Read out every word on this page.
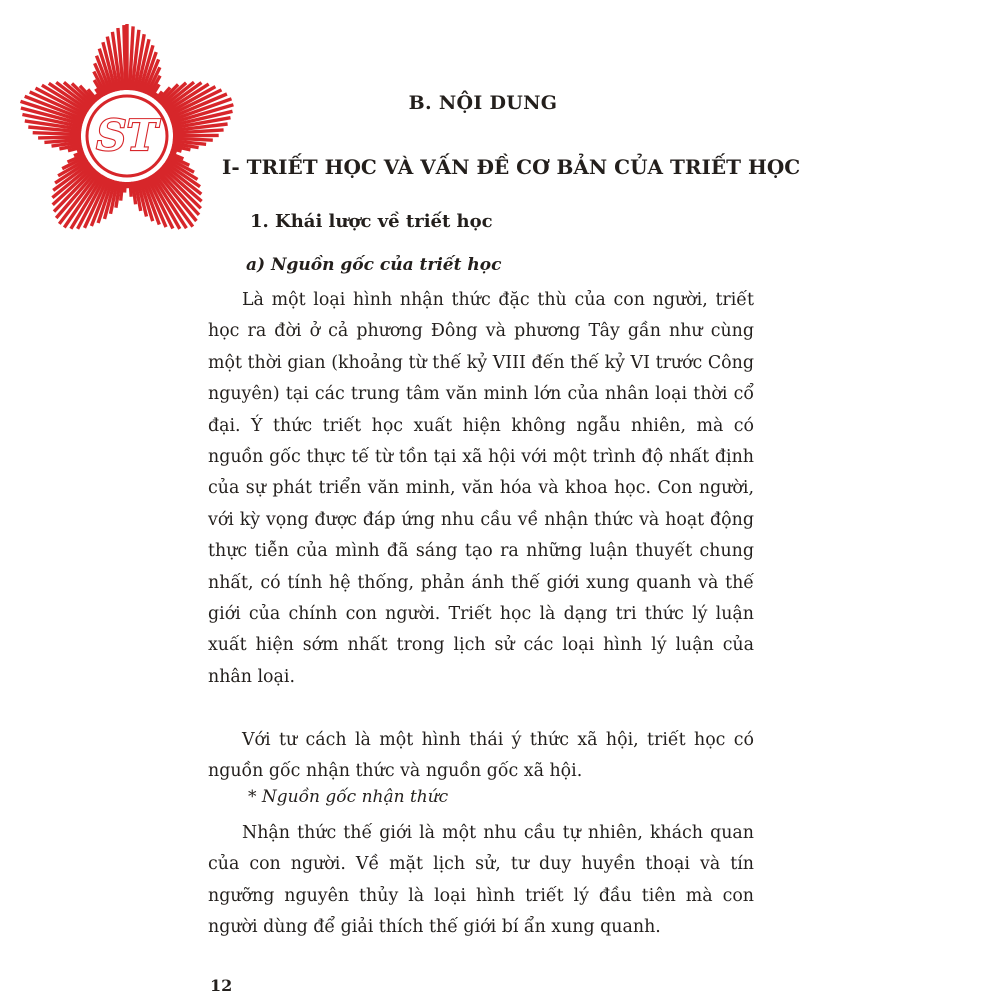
ST
B. NỘI DUNG
I- TRIẾT HỌC VÀ VẤN ĐỀ CƠ BẢN CỦA TRIẾT HỌC
1. Khái lược về triết học
a) Nguồn gốc của triết học

Là một loại hình nhận thức đặc thù của con người, triết học ra đời ở cả phương Đông và phương Tây gần như cùng một thời gian (khoảng từ thế kỷ VIII đến thế kỷ VI trước Công nguyên) tại các trung tâm văn minh lớn của nhân loại thời cổ đại. Ý thức triết học xuất hiện không ngẫu nhiên, mà có nguồn gốc thực tế từ tồn tại xã hội với một trình độ nhất định của sự phát triển văn minh, văn hóa và khoa học. Con người, với kỳ vọng được đáp ứng nhu cầu về nhận thức và hoạt động thực tiễn của mình đã sáng tạo ra những luận thuyết chung nhất, có tính hệ thống, phản ánh thế giới xung quanh và thế giới của chính con người. Triết học là dạng tri thức lý luận xuất hiện sớm nhất trong lịch sử các loại hình lý luận của nhân loại.

Với tư cách là một hình thái ý thức xã hội, triết học có nguồn gốc nhận thức và nguồn gốc xã hội.

* Nguồn gốc nhận thức

Nhận thức thế giới là một nhu cầu tự nhiên, khách quan của con người. Về mặt lịch sử, tư duy huyền thoại và tín ngưỡng nguyên thủy là loại hình triết lý đầu tiên mà con người dùng để giải thích thế giới bí ẩn xung quanh.

12
